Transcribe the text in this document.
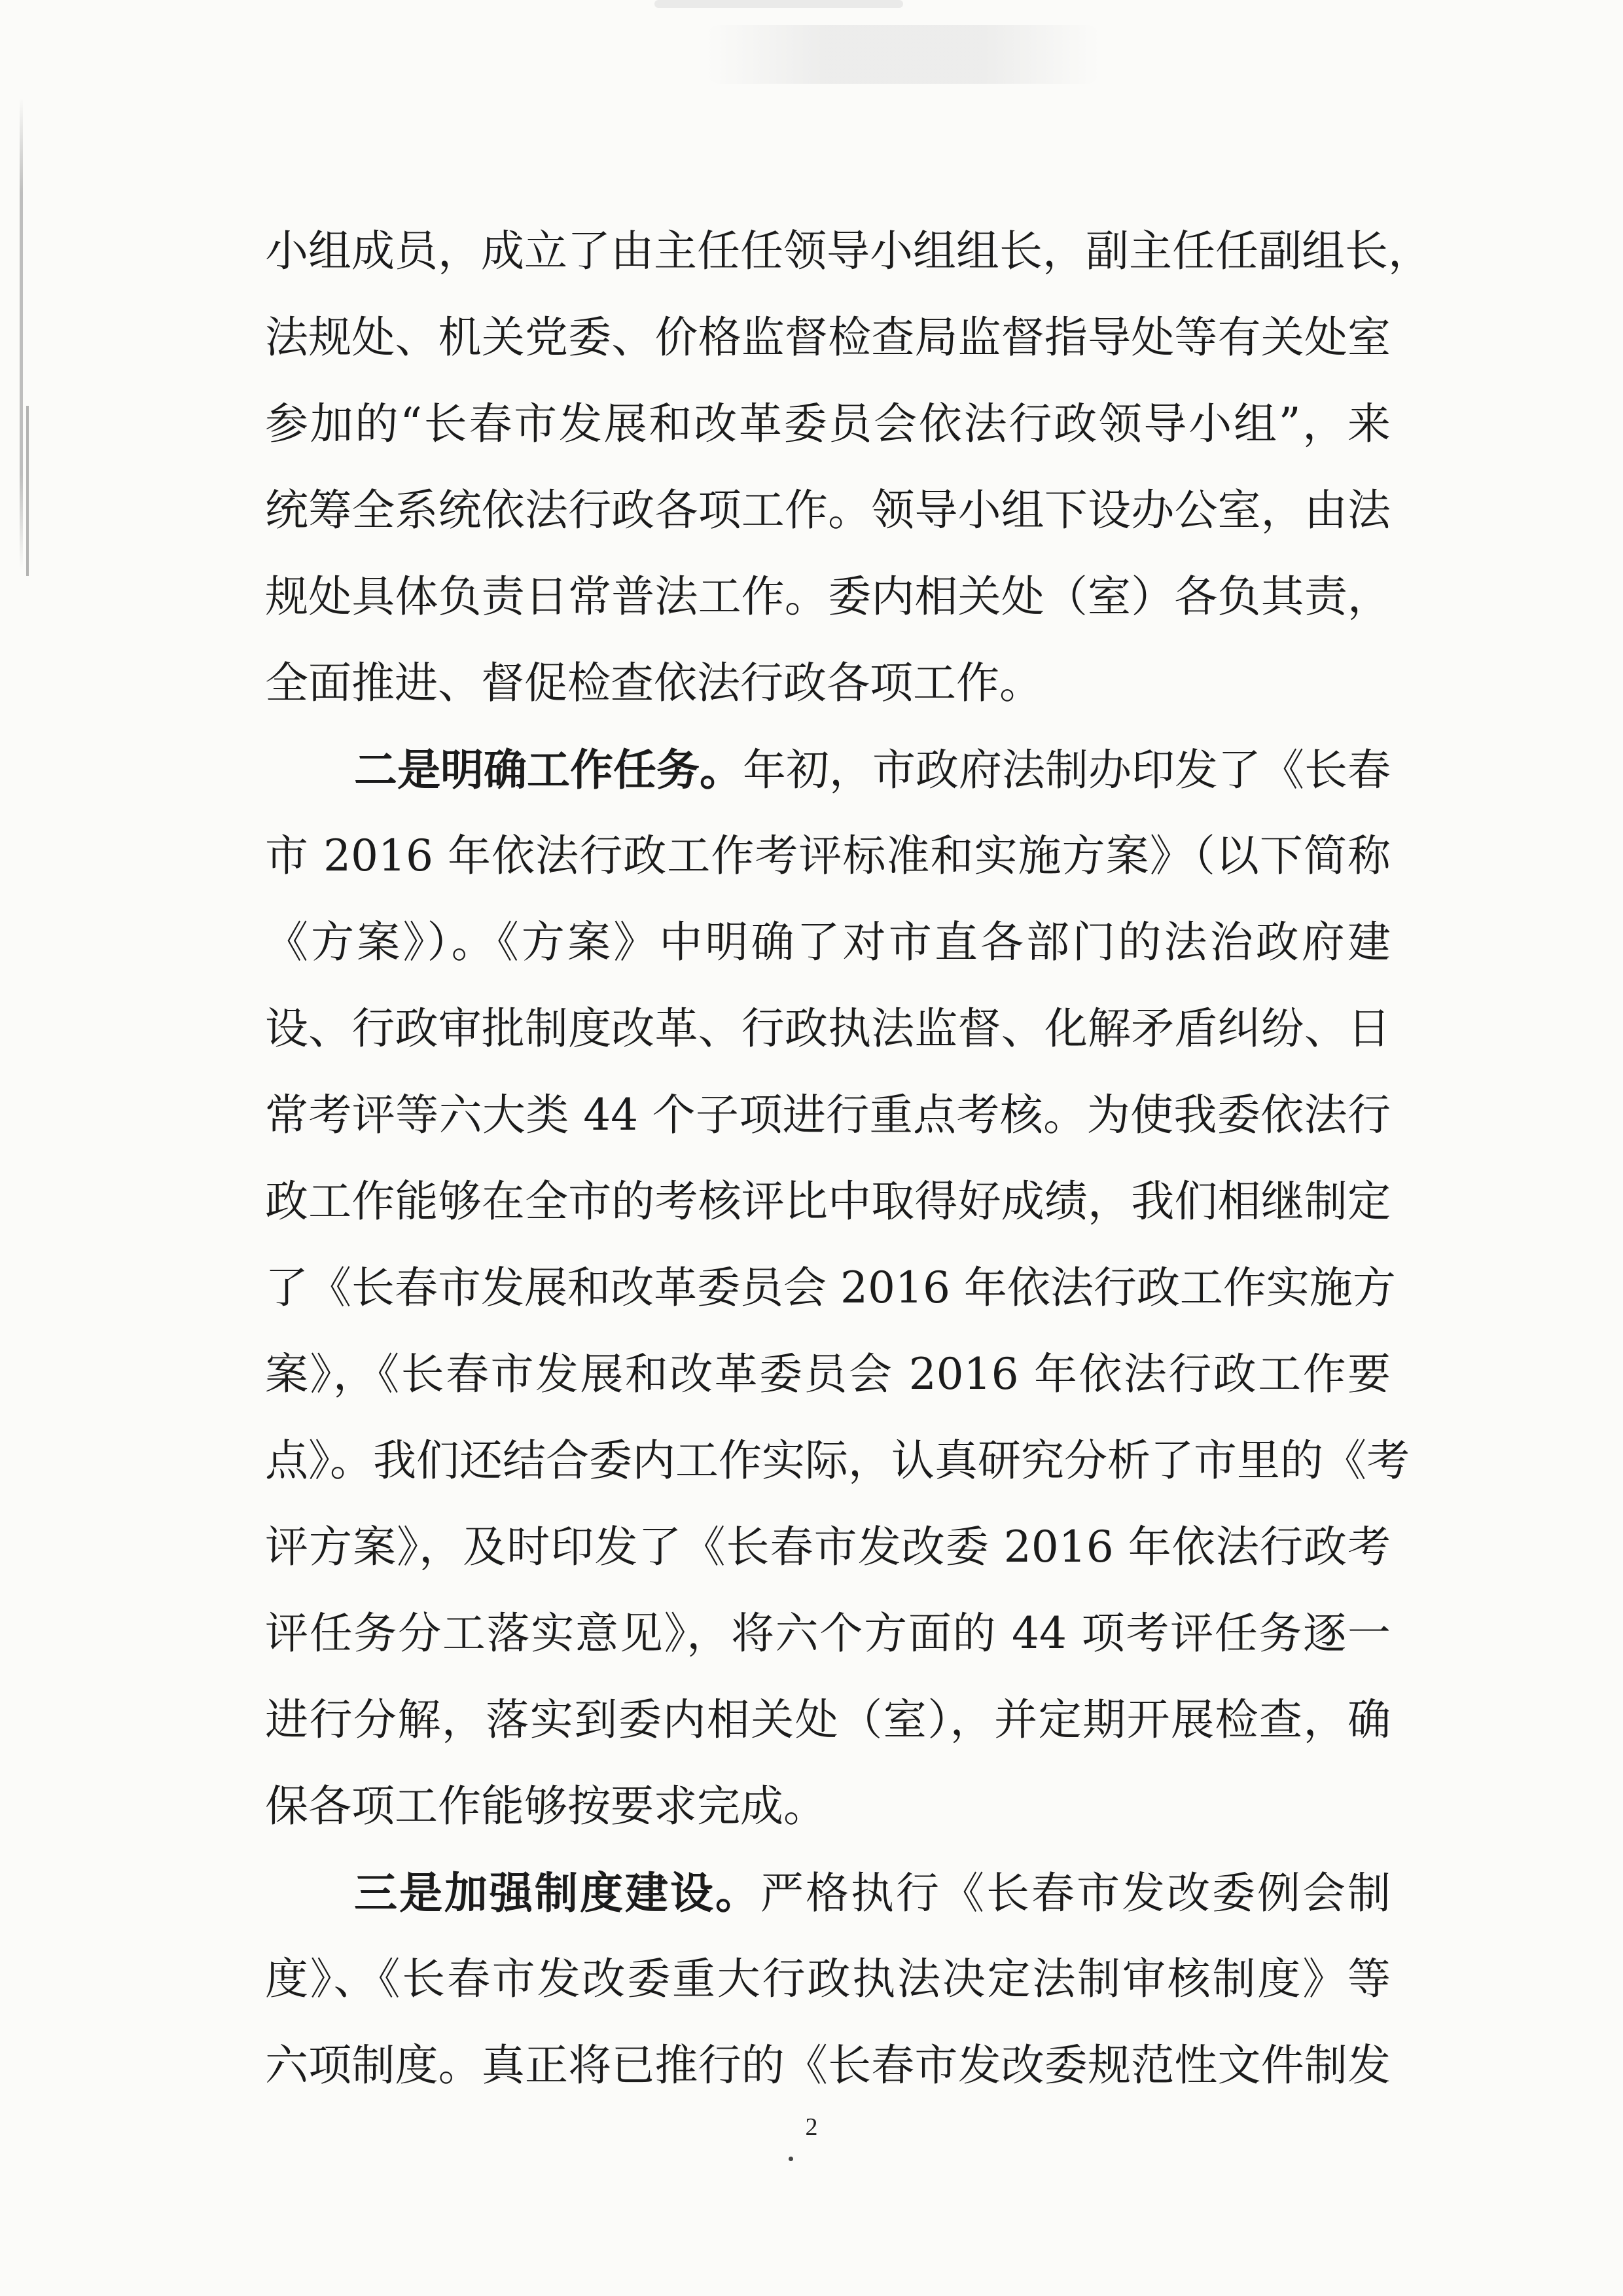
小组成员，成立了由主任任领导小组组长，副主任任副组长，
法规处、机关党委、价格监督检查局监督指导处等有关处室
参加的“长春市发展和改革委员会依法行政领导小组”，来
统筹全系统依法行政各项工作。领导小组下设办公室，由法
规处具体负责日常普法工作。委内相关处（室）各负其责，
全面推进、督促检查依法行政各项工作。
二是明确工作任务。年初，市政府法制办印发了《长春
市 2016 年依法行政工作考评标准和实施方案》（以下简称
《方案》）。《方案》中明确了对市直各部门的法治政府建
设、行政审批制度改革、行政执法监督、化解矛盾纠纷、日
常考评等六大类 44 个子项进行重点考核。为使我委依法行
政工作能够在全市的考核评比中取得好成绩，我们相继制定
了《长春市发展和改革委员会 2016 年依法行政工作实施方
案》，《长春市发展和改革委员会 2016 年依法行政工作要
点》。我们还结合委内工作实际，认真研究分析了市里的《考
评方案》，及时印发了《长春市发改委 2016 年依法行政考
评任务分工落实意见》，将六个方面的 44 项考评任务逐一
进行分解，落实到委内相关处（室），并定期开展检查，确
保各项工作能够按要求完成。
三是加强制度建设。严格执行《长春市发改委例会制
度》、《长春市发改委重大行政执法决定法制审核制度》等
六项制度。真正将已推行的《长春市发改委规范性文件制发
2
